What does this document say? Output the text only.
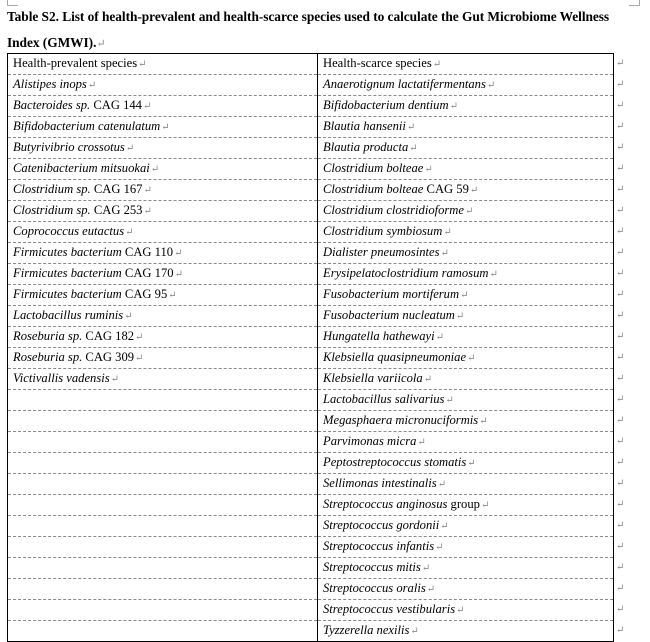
Table S2. List of health-prevalent and health-scarce species used to calculate the Gut Microbiome Wellness
Index (GMWI).↵
Health-prevalent species↵	Health-scarce species↵
Alistipes inops↵	Anaerotignum lactatifermentans↵
Bacteroides sp. CAG 144↵	Bifidobacterium dentium↵
Bifidobacterium catenulatum↵	Blautia hansenii↵
Butyrivibrio crossotus↵	Blautia producta↵
Catenibacterium mitsuokai↵	Clostridium bolteae↵
Clostridium sp. CAG 167↵	Clostridium bolteae CAG 59↵
Clostridium sp. CAG 253↵	Clostridium clostridioforme↵
Coprococcus eutactus↵	Clostridium symbiosum↵
Firmicutes bacterium CAG 110↵	Dialister pneumosintes↵
Firmicutes bacterium CAG 170↵	Erysipelatoclostridium ramosum↵
Firmicutes bacterium CAG 95↵	Fusobacterium mortiferum↵
Lactobacillus ruminis↵	Fusobacterium nucleatum↵
Roseburia sp. CAG 182↵	Hungatella hathewayi↵
Roseburia sp. CAG 309↵	Klebsiella quasipneumoniae↵
Victivallis vadensis↵	Klebsiella variicola↵
	Lactobacillus salivarius↵
	Megasphaera micronuciformis↵
	Parvimonas micra↵
	Peptostreptococcus stomatis↵
	Sellimonas intestinalis↵
	Streptococcus anginosus group↵
	Streptococcus gordonii↵
	Streptococcus infantis↵
	Streptococcus mitis↵
	Streptococcus oralis↵
	Streptococcus vestibularis↵
	Tyzzerella nexilis↵
↵
↵
↵
↵
↵
↵
↵
↵
↵
↵
↵
↵
↵
↵
↵
↵
↵
↵
↵
↵
↵
↵
↵
↵
↵
↵
↵
↵
